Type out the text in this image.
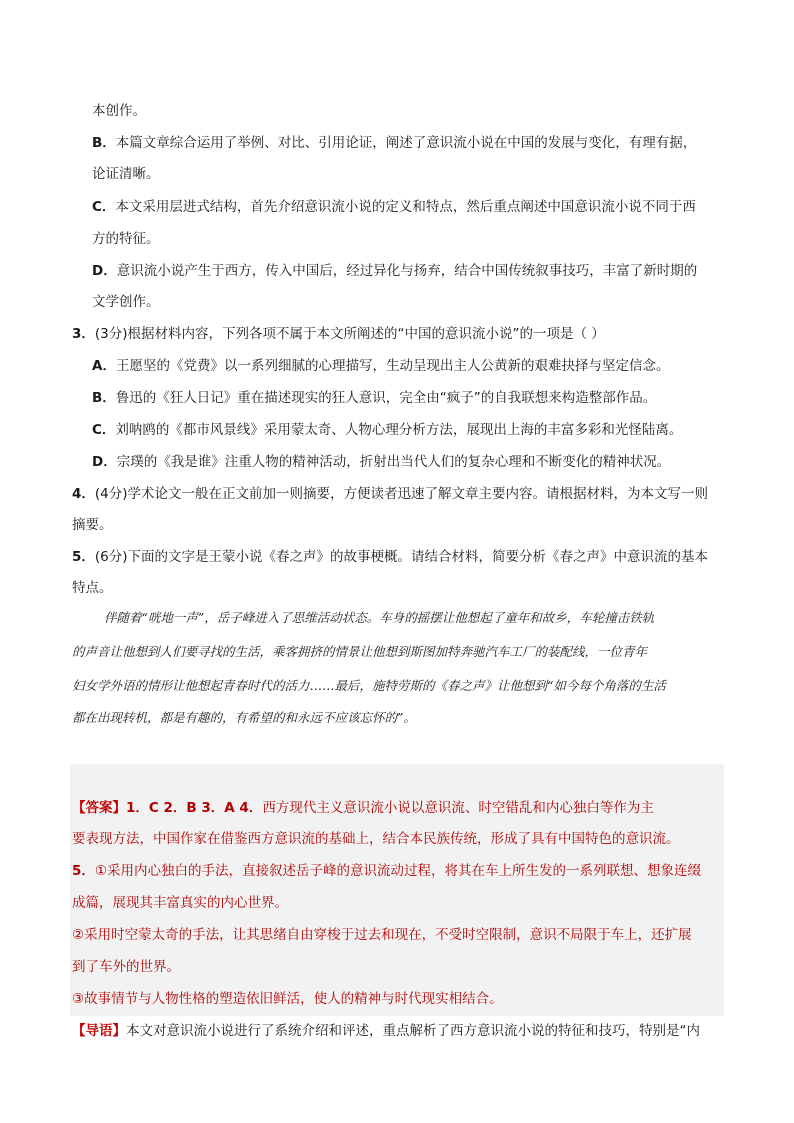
本创作。
B．本篇文章综合运用了举例、对比、引用论证，阐述了意识流小说在中国的发展与变化，有理有据，
论证清晰。
C．本文采用层进式结构，首先介绍意识流小说的定义和特点，然后重点阐述中国意识流小说不同于西
方的特征。
D．意识流小说产生于西方，传入中国后，经过异化与扬弃，结合中国传统叙事技巧，丰富了新时期的
文学创作。
3．(3分)根据材料内容，下列各项不属于本文所阐述的“中国的意识流小说”的一项是（ ）
A．王愿坚的《党费》以一系列细腻的心理描写，生动呈现出主人公黄新的艰难抉择与坚定信念。
B．鲁迅的《狂人日记》重在描述现实的狂人意识，完全由“疯子”的自我联想来构造整部作品。
C．刘呐鸥的《都市风景线》采用蒙太奇、人物心理分析方法，展现出上海的丰富多彩和光怪陆离。
D．宗璞的《我是谁》注重人物的精神活动，折射出当代人们的复杂心理和不断变化的精神状况。
4．(4分)学术论文一般在正文前加一则摘要，方便读者迅速了解文章主要内容。请根据材料，为本文写一则
摘要。
5．(6分)下面的文字是王蒙小说《春之声》的故事梗概。请结合材料，简要分析《春之声》中意识流的基本
特点。
伴随着“咣地一声”，岳子峰进入了思维活动状态。车身的摇摆让他想起了童年和故乡，车轮撞击铁轨
的声音让他想到人们要寻找的生活，乘客拥挤的情景让他想到斯图加特奔驰汽车工厂的装配线，一位青年
妇女学外语的情形让他想起青春时代的活力……最后，施特劳斯的《春之声》让他想到“如今每个角落的生活
都在出现转机，都是有趣的，有希望的和永远不应该忘怀的”。
【答案】1．C 2．B 3．A 4．西方现代主义意识流小说以意识流、时空错乱和内心独白等作为主
要表现方法，中国作家在借鉴西方意识流的基础上，结合本民族传统，形成了具有中国特色的意识流。
5．①采用内心独白的手法，直接叙述岳子峰的意识流动过程，将其在车上所生发的一系列联想、想象连缀
成篇，展现其丰富真实的内心世界。
②采用时空蒙太奇的手法，让其思绪自由穿梭于过去和现在，不受时空限制，意识不局限于车上，还扩展
到了车外的世界。
③故事情节与人物性格的塑造依旧鲜活，使人的精神与时代现实相结合。
【导语】本文对意识流小说进行了系统介绍和评述，重点解析了西方意识流小说的特征和技巧，特别是“内
